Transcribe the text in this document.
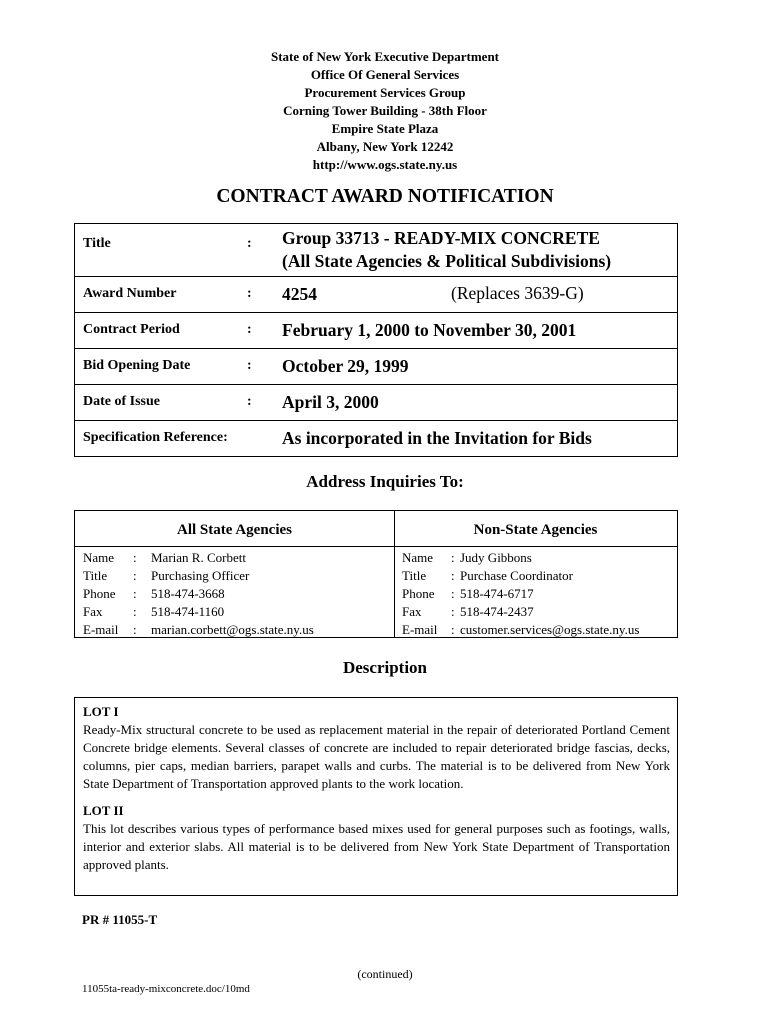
State of New York Executive Department
Office Of General Services
Procurement Services Group
Corning Tower Building - 38th Floor
Empire State Plaza
Albany, New York 12242
http://www.ogs.state.ny.us
CONTRACT AWARD NOTIFICATION
Title	: Group 33713 - READY-MIX CONCRETE
(All State Agencies & Political Subdivisions)
Award Number	: 4254	(Replaces 3639-G)
Contract Period	: February 1, 2000 to November 30, 2001
Bid Opening Date	: October 29, 1999
Date of Issue	: April 3, 2000
Specification Reference:	As incorporated in the Invitation for Bids
Address Inquiries To:
All State Agencies
Name : Marian R. Corbett
Title : Purchasing Officer
Phone : 518-474-3668
Fax : 518-474-1160
E-mail : marian.corbett@ogs.state.ny.us
Non-State Agencies
Name : Judy Gibbons
Title : Purchase Coordinator
Phone : 518-474-6717
Fax : 518-474-2437
E-mail : customer.services@ogs.state.ny.us
Description
LOT I
Ready-Mix structural concrete to be used as replacement material in the repair of deteriorated Portland Cement Concrete bridge elements. Several classes of concrete are included to repair deteriorated bridge fascias, decks, columns, pier caps, median barriers, parapet walls and curbs. The material is to be delivered from New York State Department of Transportation approved plants to the work location.
LOT II
This lot describes various types of performance based mixes used for general purposes such as footings, walls, interior and exterior slabs. All material is to be delivered from New York State Department of Transportation approved plants.
PR # 11055-T
(continued)
11055ta-ready-mixconcrete.doc/10md
